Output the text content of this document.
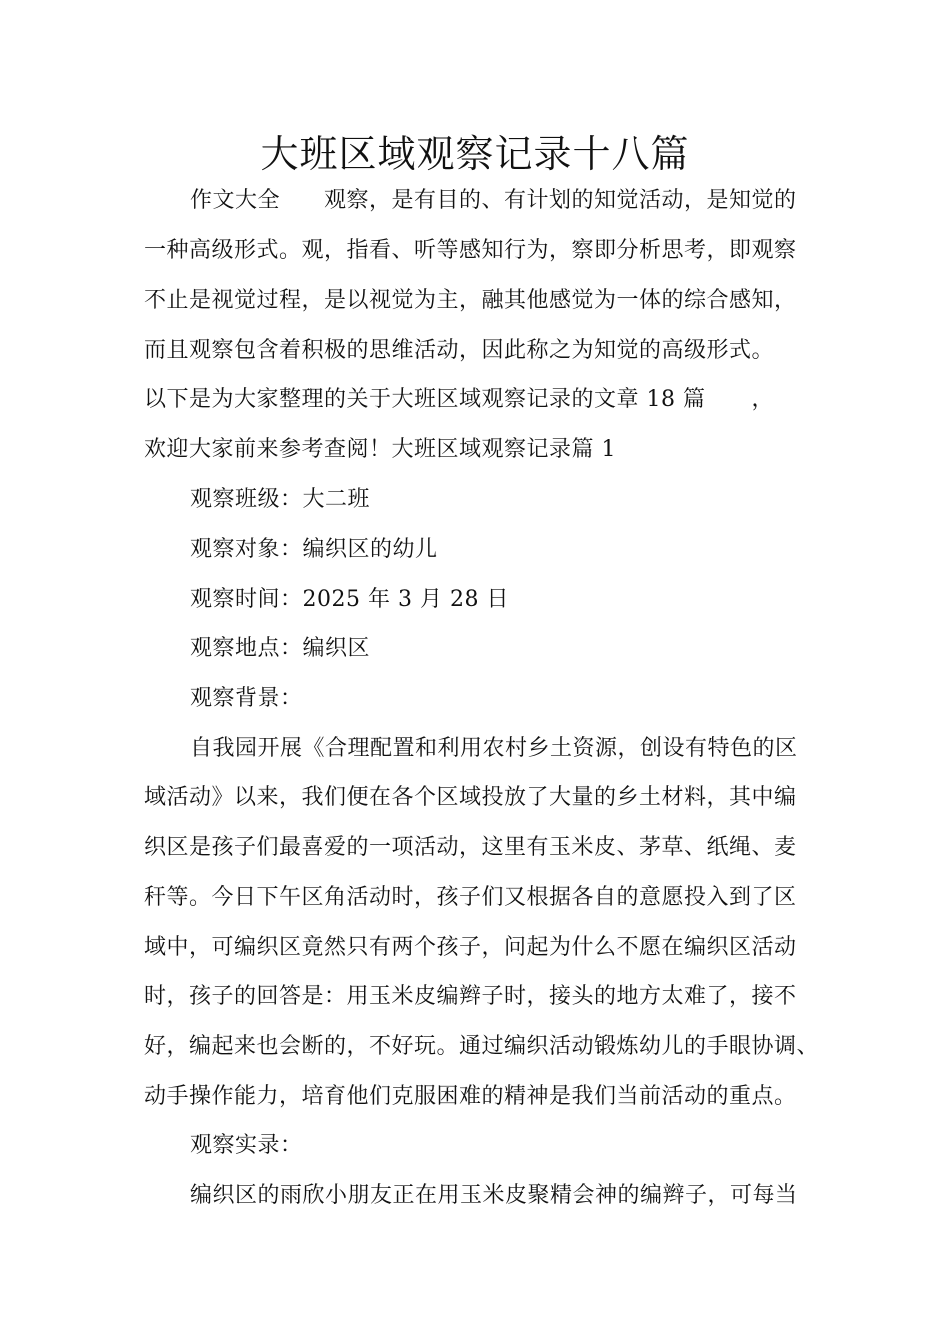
大班区域观察记录十八篇
作文大全 观察，是有目的、有计划的知觉活动，是知觉的
一种高级形式。观，指看、听等感知行为，察即分析思考，即观察
不止是视觉过程，是以视觉为主，融其他感觉为一体的综合感知，
而且观察包含着积极的思维活动，因此称之为知觉的高级形式。
以下是为大家整理的关于大班区域观察记录的文章 18 篇 ，
欢迎大家前来参考查阅！大班区域观察记录篇 1
观察班级：大二班
观察对象：编织区的幼儿
观察时间：2025 年 3 月 28 日
观察地点：编织区
观察背景：
自我园开展《合理配置和利用农村乡土资源，创设有特色的区
域活动》以来，我们便在各个区域投放了大量的乡土材料，其中编
织区是孩子们最喜爱的一项活动，这里有玉米皮、茅草、纸绳、麦
秆等。今日下午区角活动时，孩子们又根据各自的意愿投入到了区
域中，可编织区竟然只有两个孩子，问起为什么不愿在编织区活动
时，孩子的回答是：用玉米皮编辫子时，接头的地方太难了，接不
好，编起来也会断的，不好玩。通过编织活动锻炼幼儿的手眼协调、
动手操作能力，培育他们克服困难的精神是我们当前活动的重点。
观察实录：
编织区的雨欣小朋友正在用玉米皮聚精会神的编辫子，可每当
